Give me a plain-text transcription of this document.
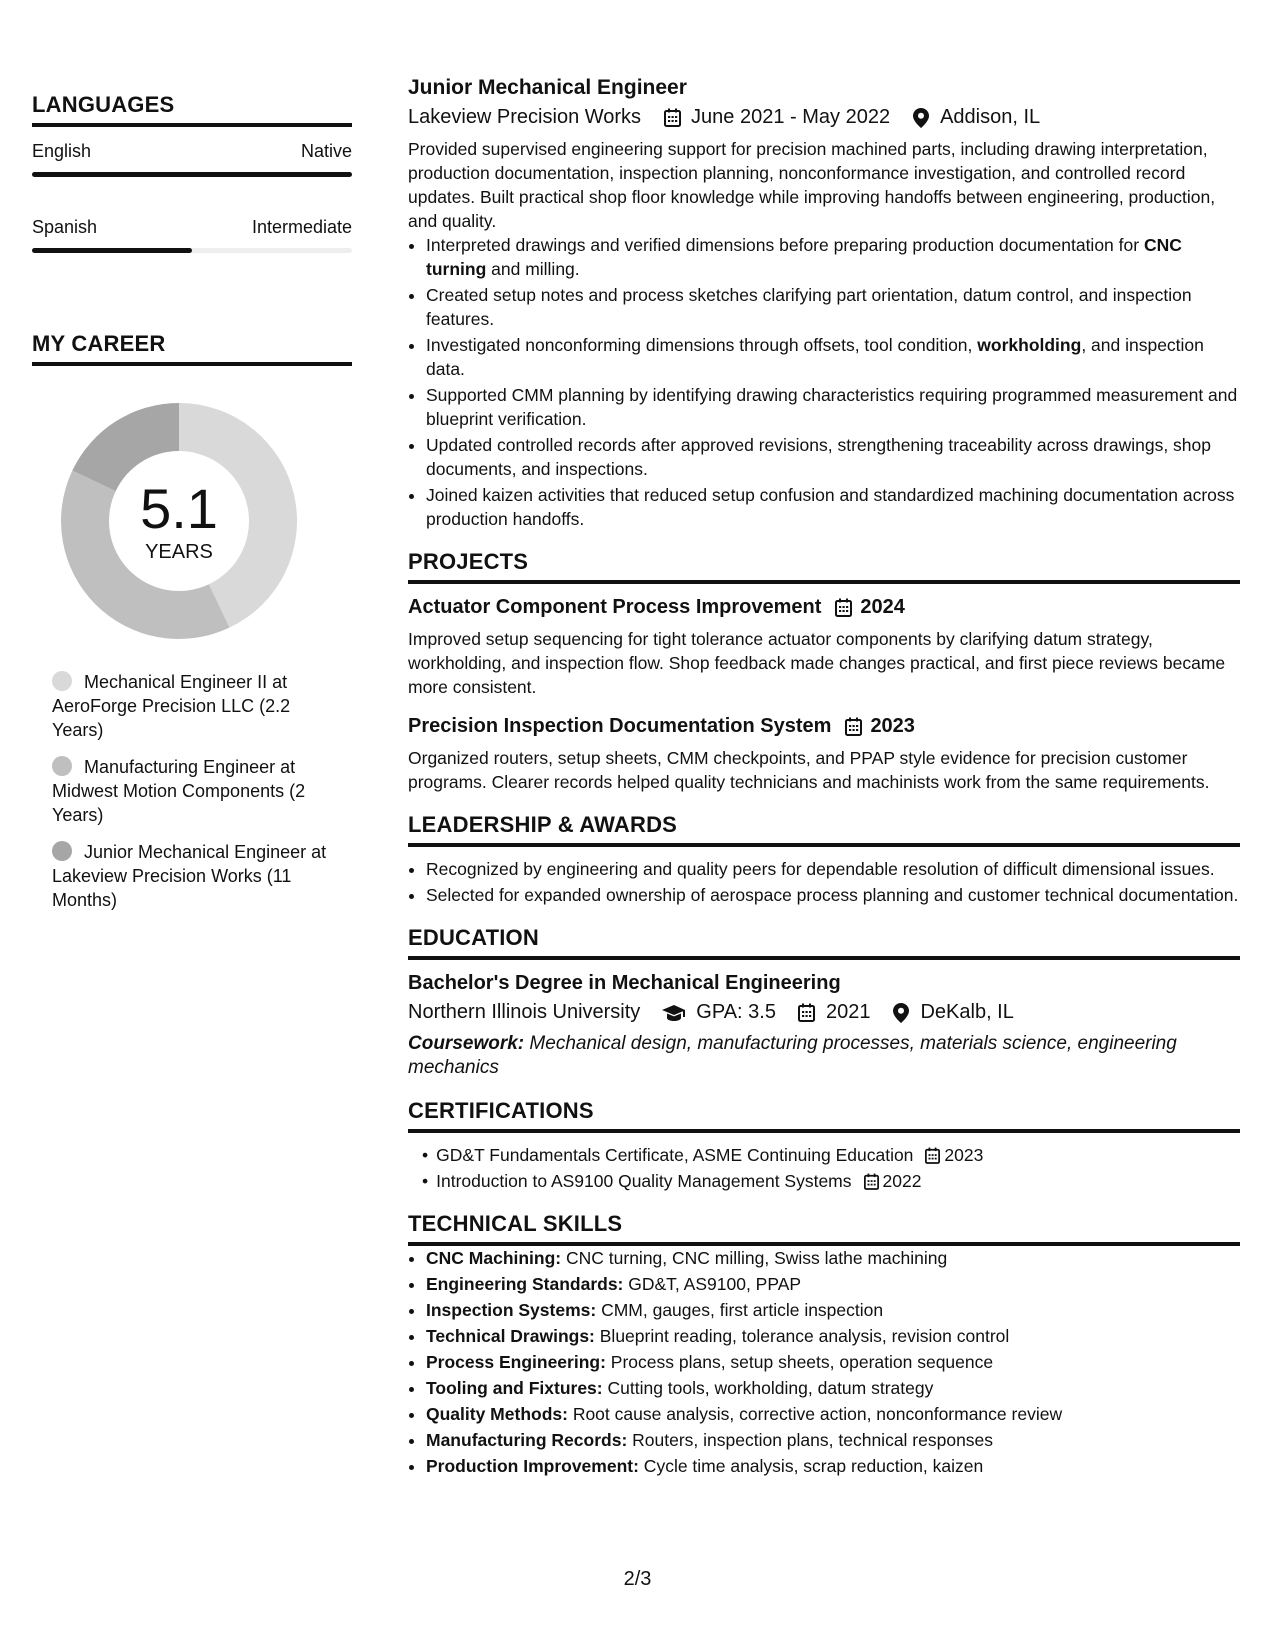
LANGUAGES
English	Native
Spanish	Intermediate
MY CAREER
5.1
YEARS
Mechanical Engineer II at AeroForge Precision LLC (2.2 Years)
Manufacturing Engineer at Midwest Motion Components (2 Years)
Junior Mechanical Engineer at Lakeview Precision Works (11 Months)
Junior Mechanical Engineer
Lakeview Precision Works	June 2021 - May 2022	Addison, IL
Provided supervised engineering support for precision machined parts, including drawing interpretation, production documentation, inspection planning, nonconformance investigation, and controlled record updates. Built practical shop floor knowledge while improving handoffs between engineering, production, and quality.
• Interpreted drawings and verified dimensions before preparing production documentation for CNC turning and milling.
• Created setup notes and process sketches clarifying part orientation, datum control, and inspection features.
• Investigated nonconforming dimensions through offsets, tool condition, workholding, and inspection data.
• Supported CMM planning by identifying drawing characteristics requiring programmed measurement and blueprint verification.
• Updated controlled records after approved revisions, strengthening traceability across drawings, shop documents, and inspections.
• Joined kaizen activities that reduced setup confusion and standardized machining documentation across production handoffs.
PROJECTS
Actuator Component Process Improvement 2024
Improved setup sequencing for tight tolerance actuator components by clarifying datum strategy, workholding, and inspection flow. Shop feedback made changes practical, and first piece reviews became more consistent.
Precision Inspection Documentation System 2023
Organized routers, setup sheets, CMM checkpoints, and PPAP style evidence for precision customer programs. Clearer records helped quality technicians and machinists work from the same requirements.
LEADERSHIP & AWARDS
• Recognized by engineering and quality peers for dependable resolution of difficult dimensional issues.
• Selected for expanded ownership of aerospace process planning and customer technical documentation.
EDUCATION
Bachelor's Degree in Mechanical Engineering
Northern Illinois University	GPA: 3.5	2021	DeKalb, IL
Coursework: Mechanical design, manufacturing processes, materials science, engineering mechanics
CERTIFICATIONS
• GD&T Fundamentals Certificate, ASME Continuing Education 2023
• Introduction to AS9100 Quality Management Systems 2022
TECHNICAL SKILLS
• CNC Machining: CNC turning, CNC milling, Swiss lathe machining
• Engineering Standards: GD&T, AS9100, PPAP
• Inspection Systems: CMM, gauges, first article inspection
• Technical Drawings: Blueprint reading, tolerance analysis, revision control
• Process Engineering: Process plans, setup sheets, operation sequence
• Tooling and Fixtures: Cutting tools, workholding, datum strategy
• Quality Methods: Root cause analysis, corrective action, nonconformance review
• Manufacturing Records: Routers, inspection plans, technical responses
• Production Improvement: Cycle time analysis, scrap reduction, kaizen
2/3
